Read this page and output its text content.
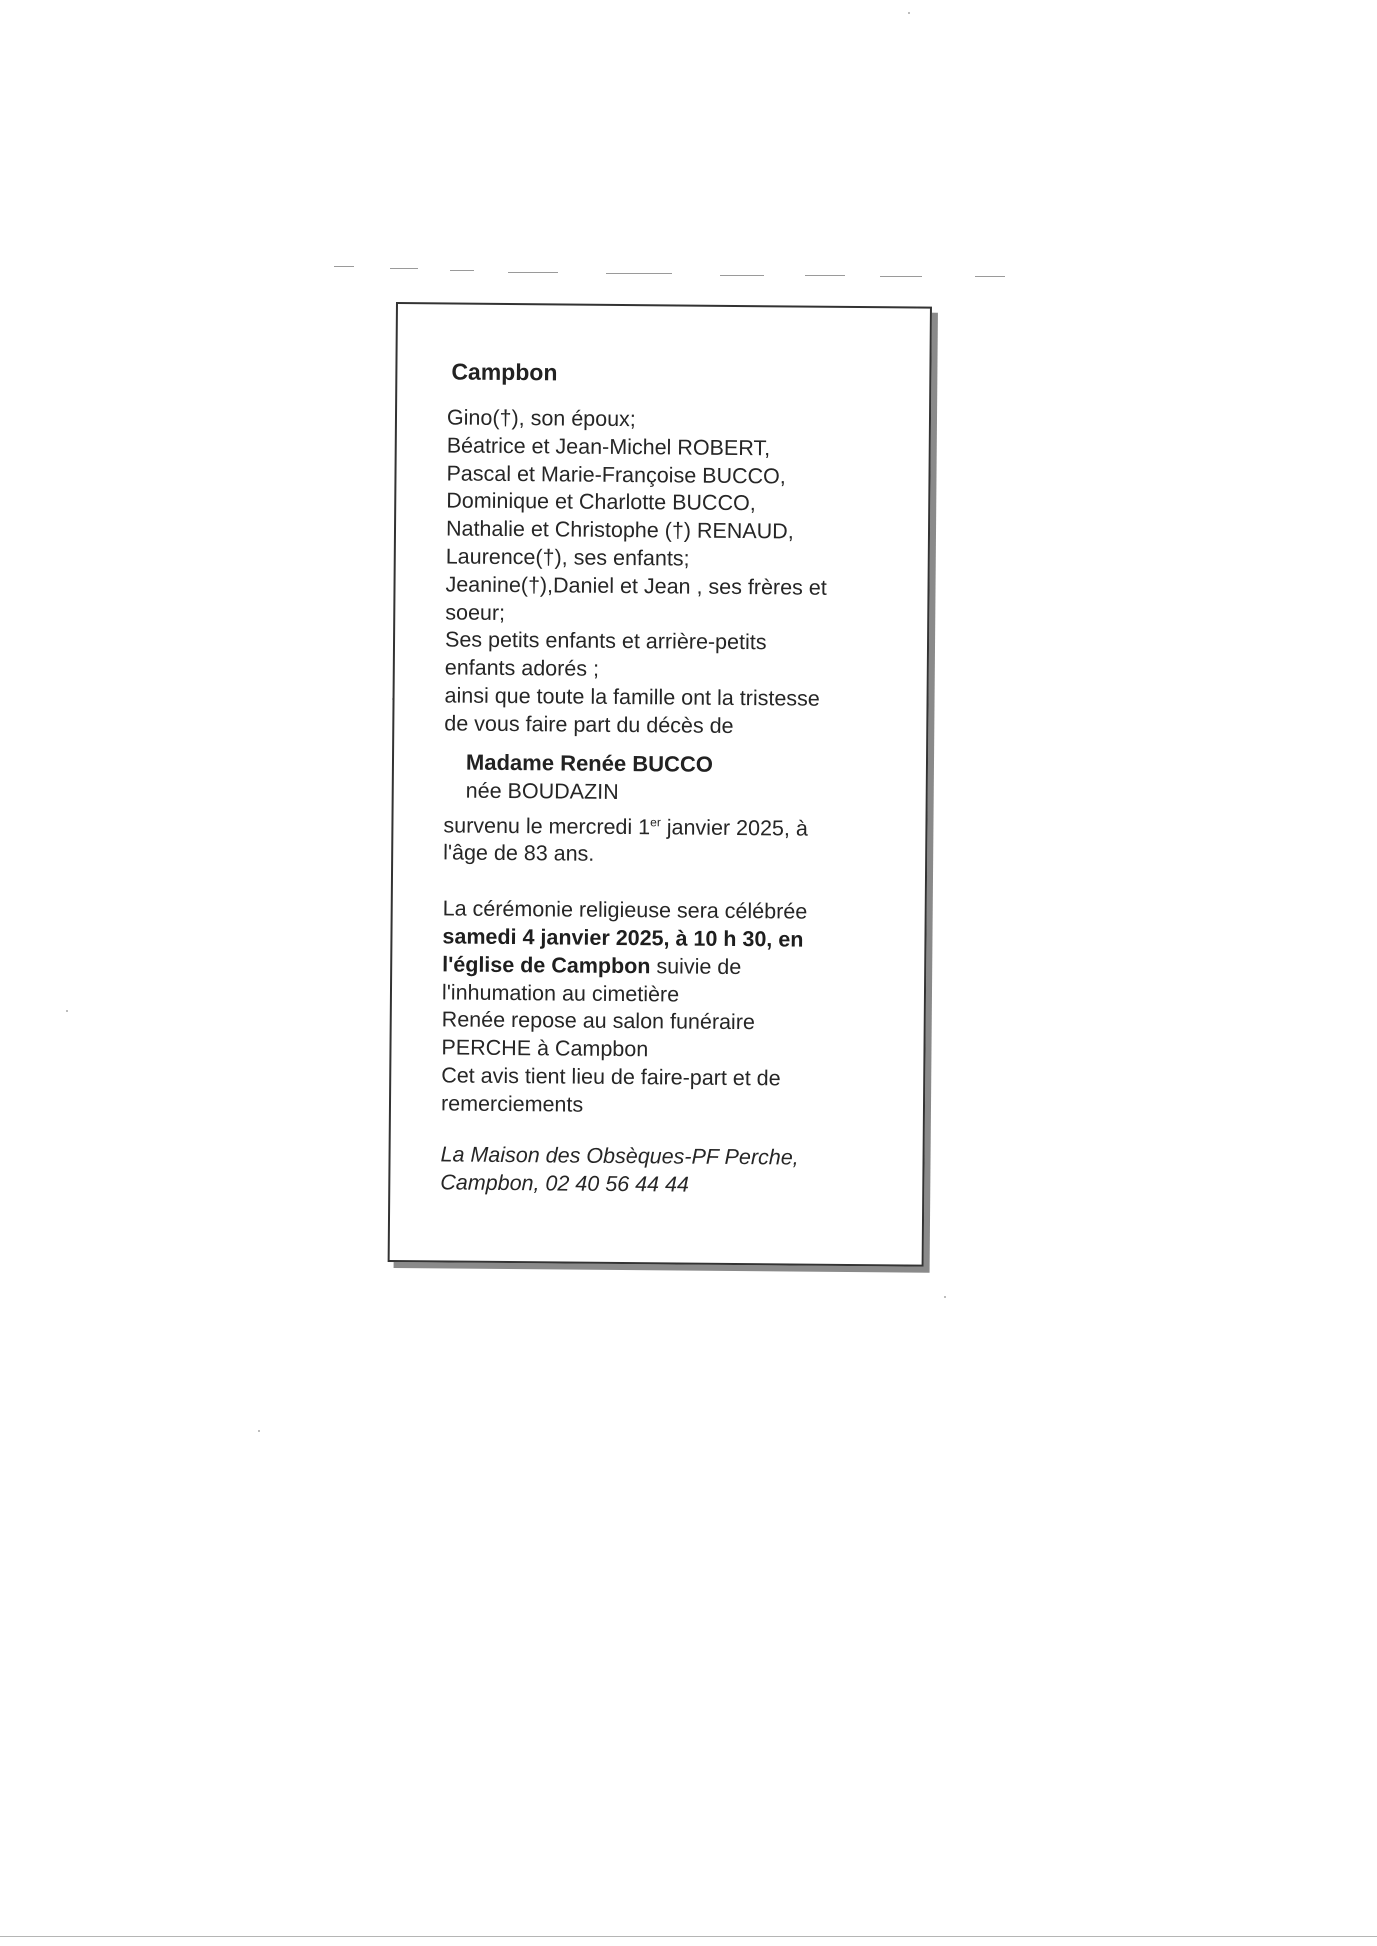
Campbon

Gino(†), son époux;
Béatrice et Jean-Michel ROBERT,
Pascal et Marie-Françoise BUCCO,
Dominique et Charlotte BUCCO,
Nathalie et Christophe (†) RENAUD,
Laurence(†), ses enfants;
Jeanine(†),Daniel et Jean , ses frères et
soeur;
Ses petits enfants et arrière-petits
enfants adorés ;
ainsi que toute la famille ont la tristesse
de vous faire part du décès de

Madame Renée BUCCO
née BOUDAZIN

survenu le mercredi 1er janvier 2025, à
l'âge de 83 ans.

La cérémonie religieuse sera célébrée
samedi 4 janvier 2025, à 10 h 30, en
l'église de Campbon suivie de
l'inhumation au cimetière
Renée repose au salon funéraire
PERCHE à Campbon
Cet avis tient lieu de faire-part et de
remerciements

La Maison des Obsèques-PF Perche,
Campbon, 02 40 56 44 44
